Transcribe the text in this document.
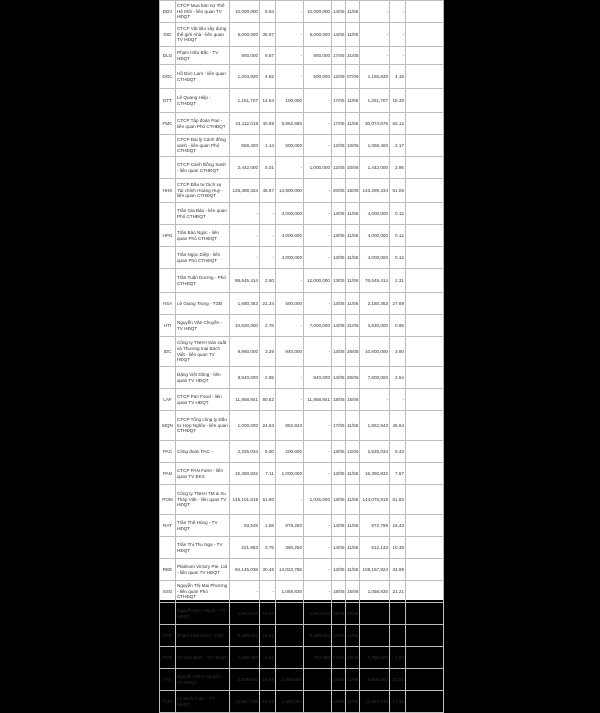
DDV	CTCP Mua bán nợ Thế Hệ Mới - liên quan TV HĐQT	10,000,000	6.84	-	10,000,000	14/05	11/06	-	-	
DID	CTCP Vật liệu xây dựng thế giới nhà - liên quan TV HĐQT	5,000,000	35.97	-	5,000,000	14/05	11/06	-	-	
DLG	Phạm Hữu Bắc - TV HĐQT	900,000	9.67	-	900,000	17/05	31/05	-	-	
DGC	Hồ Đức Lam - liên quan CTHĐQT	1,003,930	4.82	-	500,000	12/05	07/06	1,155,830	4.19	
DTT	Lê Quang Hiệp - CTHĐQT	1,151,707	14.54	100,000	-	17/05	11/06	1,251,707	15.30	
FMC	CTCP Tập đoàn Pan - liên quan Phó CTHĐQT	24,112,018	40.89	5,962,660	-	17/05	11/06	30,074,678	52.12	
	CTCP Đại lý Cánh đồng xanh - liên quan Phó CTHĐQT	558,400	1.14	500,000	-	12/05	10/06	1,058,400	2.17	
	CTCP Cánh Đồng Xanh - liên quan CTHĐQT	2,442,000	5.01	-	1,000,000	12/05	10/06	1,442,000	2.96	
HHS	CTCP Đầu tư Dịch vụ Tài chính Hoàng Huy - liên quan CTHĐQT	125,489,334	45.67	14,800,000	-	20/05	18/06	140,289,334	51.06	
	Trần Gia Bảo - liên quan Phó CTHĐQT	-	-	4,000,000	-	13/05	11/06	4,000,000	0.12	
HPG	Trần Bảo Ngọc - liên quan Phó CTHĐQT	-	-	4,000,000	-	13/05	11/06	4,000,000	0.12	
	Trần Ngọc Diệp - liên quan Phó CTHĐQT	-	-	4,000,000	-	13/05	11/06	4,000,000	0.12	
	Trần Tuấn Dương - Phó CTHĐQT	88,645,414	2.60	-	12,000,000	13/05	11/06	76,645,414	2.31	
HSA	Lê Giang Trung - TGĐ	1,680,353	21.34	500,000	-	14/05	11/06	2,180,353	27.69	
HTI	Nguyễn Văn Chuyền - TV HĐQT	10,630,000	2.76	-	7,000,000	14/05	31/05	3,630,000	0.95	
IDC	Công ty TNHH Sản xuất và Thương mại Bách Việt - liên quan TV HĐQT	9,860,000	3.29	940,000	-	14/05	28/05	10,800,000	3.60	
	Đặng Việt Dũng - liên quan TV HĐQT	8,540,000	2.85	-	940,000	14/05	28/05	7,600,000	2.54	
LAF	CTCP Pan Food - liên quan TV HĐQT	11,858,841	80.52	-	11,858,841	18/05	15/06	-	-	
MQN	CTCP Tổng công ty Đầu tư Hợp Nghĩa - liên quan CTHĐQT	1,000,000	24.63	852,843	-	17/05	11/06	1,852,843	45.64	
PAC	Công đoàn PAC -	2,325,034	5.00	200,000	-	13/05	12/06	2,525,034	5.43	
PAN	CTCP PAN Farm - liên quan TV BKS	15,390,832	7.11	1,000,000	-	13/05	11/06	16,390,832	7.57	
POM	Công ty TNHH TM & Xu Thép Việt - liên quan TV HĐQT	145,101,819	51.80	-	1,026,000	13/05	11/06	144,075,819	51.80	
RAT	Trần Thế Hùng - TV HĐQT	93,549	1.59	879,250	-	14/05	11/06	972,799	16.43	
	Trần Thị Thu Nga - TV HĐQT	221,883	3.75	390,250	-	14/05	11/06	612,133	10.35	
REE	Platinum Victory Pte. Ltd - liên quan TV HĐQT	94,145,038	30.46	14,022,786	-	13/05	11/06	108,167,824	34.99	
SSG	Nguyễn Thị Mai Phương - liên quan Phó CTHĐQT	-	-	1,058,830	-	18/05	15/06	1,058,830	21.21	
	Nguyễn Đức Mạnh - TV HĐQT	1,244,010	24.97	-	1,244,010	18/05	15/06	-	-	
TAR	Phạm Thái Bình - TGĐ	8,480,000	22.57	-	8,480,000	13/05	11/06	-	-	
TDM	Võ Văn Bính - TV HĐQT	2,500,000	2.61	-	750,000	17/05	15/06	1,750,000	1.83	
TFC	Nguyễn Minh Nguyệt - TV HĐQT	2,808,600	19.09	1,000,000	-	13/05	11/06	3,808,600	23.01	
THG	Lê Minh Tuấn - TV HĐQT	12,967,338	15.92	1,000,000	-	13/05	11/06	13,967,338	17.15	
